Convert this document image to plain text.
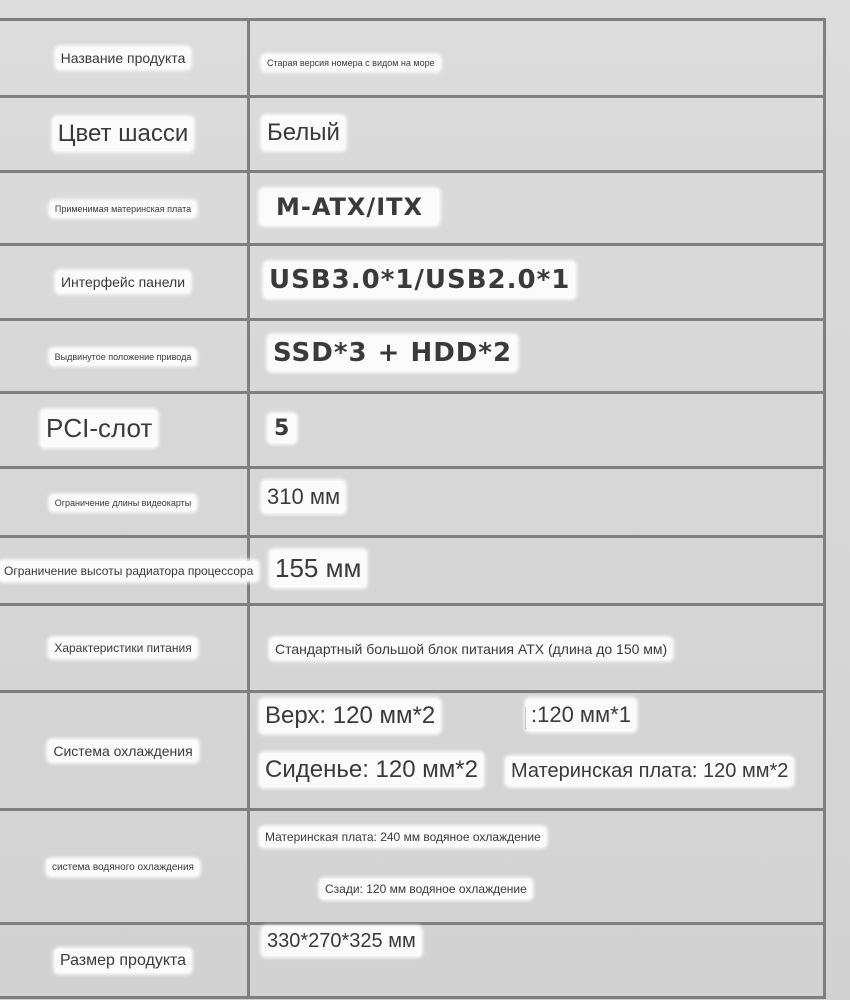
Название продукта	Старая версия номера с видом на море

Цвет шасси	Белый

Применимая материнская плата	M-ATX/ITX

Интерфейс панели	USB3.0*1/USB2.0*1

Выдвинутое положение привода	SSD*3 + HDD*2

PCI-слот	5

Ограничение длины видеокарты	310 мм

Ограничение высоты радиатора процессора	155 мм

Характеристики питания	Стандартный большой блок питания ATX (длина до 150 мм)

Система охлаждения	Верх: 120 мм*2 :120 мм*1
Сиденье: 120 мм*2 Материнская плата: 120 мм*2

система водяного охлаждения	Материнская плата: 240 мм водяное охлаждение
Сзади: 120 мм водяное охлаждение

Размер продукта	330*270*325 мм
